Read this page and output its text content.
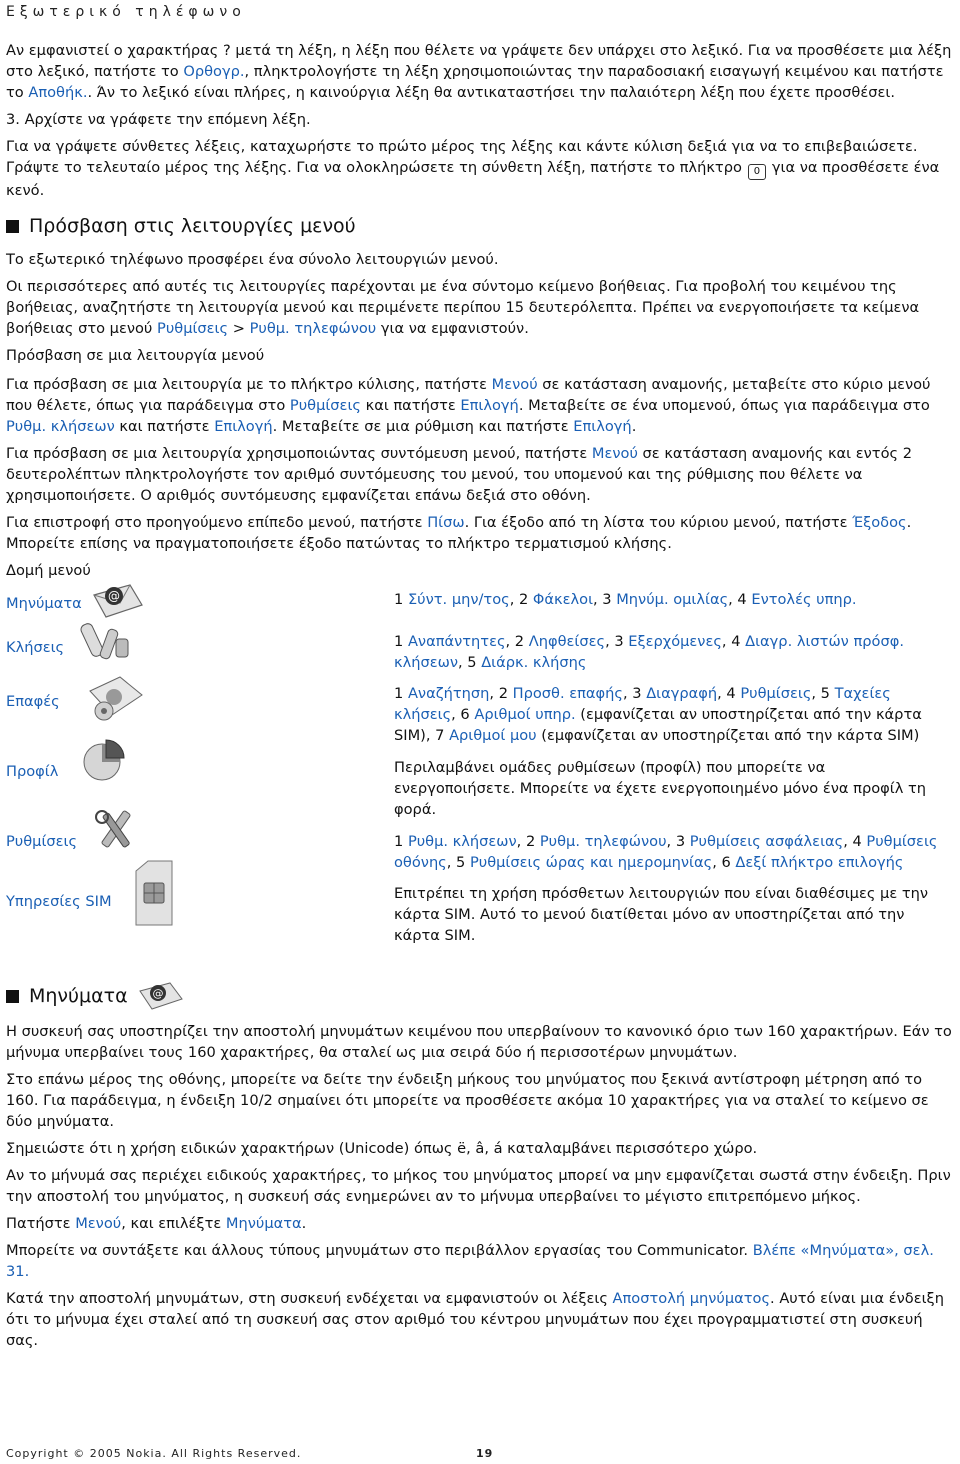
Εξωτερικό τηλέφωνο

Αν εμφανιστεί ο χαρακτήρας ? μετά τη λέξη, η λέξη που θέλετε να γράψετε δεν υπάρχει στο λεξικό. Για να προσθέσετε μια λέξη στο λεξικό, πατήστε το Ορθογρ., πληκτρολογήστε τη λέξη χρησιμοποιώντας την παραδοσιακή εισαγωγή κειμένου και πατήστε το Αποθήκ.. Άν το λεξικό είναι πλήρες, η καινούργια λέξη θα αντικαταστήσει την παλαιότερη λέξη που έχετε προσθέσει.

3. Αρχίστε να γράφετε την επόμενη λέξη.

Για να γράψετε σύνθετες λέξεις, καταχωρήστε το πρώτο μέρος της λέξης και κάντε κύλιση δεξιά για να το επιβεβαιώσετε. Γράψτε το τελευταίο μέρος της λέξης. Για να ολοκληρώσετε τη σύνθετη λέξη, πατήστε το πλήκτρο 0 για να προσθέσετε ένα κενό.

Πρόσβαση στις λειτουργίες μενού

Το εξωτερικό τηλέφωνο προσφέρει ένα σύνολο λειτουργιών μενού.

Οι περισσότερες από αυτές τις λειτουργίες παρέχονται με ένα σύντομο κείμενο βοήθειας. Για προβολή του κειμένου της βοήθειας, αναζητήστε τη λειτουργία μενού και περιμένετε περίπου 15 δευτερόλεπτα. Πρέπει να ενεργοποιήσετε τα κείμενα βοήθειας στο μενού Ρυθμίσεις > Ρυθμ. τηλεφώνου για να εμφανιστούν.

Πρόσβαση σε μια λειτουργία μενού

Για πρόσβαση σε μια λειτουργία με το πλήκτρο κύλισης, πατήστε Μενού σε κατάσταση αναμονής, μεταβείτε στο κύριο μενού που θέλετε, όπως για παράδειγμα στο Ρυθμίσεις και πατήστε Επιλογή. Μεταβείτε σε ένα υπομενού, όπως για παράδειγμα στο Ρυθμ. κλήσεων και πατήστε Επιλογή. Μεταβείτε σε μια ρύθμιση και πατήστε Επιλογή.

Για πρόσβαση σε μια λειτουργία χρησιμοποιώντας συντόμευση μενού, πατήστε Μενού σε κατάσταση αναμονής και εντός 2 δευτερολέπτων πληκτρολογήστε τον αριθμό συντόμευσης του μενού, του υπομενού και της ρύθμισης που θέλετε να χρησιμοποιήσετε. Ο αριθμός συντόμευσης εμφανίζεται επάνω δεξιά στο οθόνη.

Για επιστροφή στο προηγούμενο επίπεδο μενού, πατήστε Πίσω. Για έξοδο από τη λίστα του κύριου μενού, πατήστε Έξοδος. Μπορείτε επίσης να πραγματοποιήσετε έξοδο πατώντας το πλήκτρο τερματισμού κλήσης.

Δομή μενού
Μηνύματα @
Κλήσεις
Επαφές
Προφίλ
Ρυθμίσεις
Υπηρεσίες SIM
1 Σύντ. μην/τος, 2 Φάκελοι, 3 Μηνύμ. ομιλίας, 4 Εντολές υπηρ.
1 Αναπάντητες, 2 Ληφθείσες, 3 Εξερχόμενες, 4 Διαγρ. λιστών πρόσφ. κλήσεων, 5 Διάρκ. κλήσης
1 Αναζήτηση, 2 Προσθ. επαφής, 3 Διαγραφή, 4 Ρυθμίσεις, 5 Ταχείες κλήσεις, 6 Αριθμοί υπηρ. (εμφανίζεται αν υποστηρίζεται από την κάρτα SIM), 7 Αριθμοί μου (εμφανίζεται αν υποστηρίζεται από την κάρτα SIM)
Περιλαμβάνει ομάδες ρυθμίσεων (προφίλ) που μπορείτε να ενεργοποιήσετε. Μπορείτε να έχετε ενεργοποιημένο μόνο ένα προφίλ τη φορά.
1 Ρυθμ. κλήσεων, 2 Ρυθμ. τηλεφώνου, 3 Ρυθμίσεις ασφάλειας, 4 Ρυθμίσεις οθόνης, 5 Ρυθμίσεις ώρας και ημερομηνίας, 6 Δεξί πλήκτρο επιλογής
Επιτρέπει τη χρήση πρόσθετων λειτουργιών που είναι διαθέσιμες με την κάρτα SIM. Αυτό το μενού διατίθεται μόνο αν υποστηρίζεται από την κάρτα SIM.
Μηνύματα @

Η συσκευή σας υποστηρίζει την αποστολή μηνυμάτων κειμένου που υπερβαίνουν το κανονικό όριο των 160 χαρακτήρων. Εάν το μήνυμα υπερβαίνει τους 160 χαρακτήρες, θα σταλεί ως μια σειρά δύο ή περισσοτέρων μηνυμάτων.

Στο επάνω μέρος της οθόνης, μπορείτε να δείτε την ένδειξη μήκους του μηνύματος που ξεκινά αντίστροφη μέτρηση από το 160. Για παράδειγμα, η ένδειξη 10/2 σημαίνει ότι μπορείτε να προσθέσετε ακόμα 10 χαρακτήρες για να σταλεί το κείμενο σε δύο μηνύματα.

Σημειώστε ότι η χρήση ειδικών χαρακτήρων (Unicode) όπως ë, â, á καταλαμβάνει περισσότερο χώρο.

Αν το μήνυμά σας περιέχει ειδικούς χαρακτήρες, το μήκος του μηνύματος μπορεί να μην εμφανίζεται σωστά στην ένδειξη. Πριν την αποστολή του μηνύματος, η συσκευή σάς ενημερώνει αν το μήνυμα υπερβαίνει το μέγιστο επιτρεπόμενο μήκος.

Πατήστε Μενού, και επιλέξτε Μηνύματα.

Μπορείτε να συντάξετε και άλλους τύπους μηνυμάτων στο περιβάλλον εργασίας του Communicator. Βλέπε «Μηνύματα», σελ. 31.

Κατά την αποστολή μηνυμάτων, στη συσκευή ενδέχεται να εμφανιστούν οι λέξεις Αποστολή μηνύματος. Αυτό είναι μια ένδειξη ότι το μήνυμα έχει σταλεί από τη συσκευή σας στον αριθμό του κέντρου μηνυμάτων που έχει προγραμματιστεί στη συσκευή σας.

Copyright © 2005 Nokia. All Rights Reserved.	19
